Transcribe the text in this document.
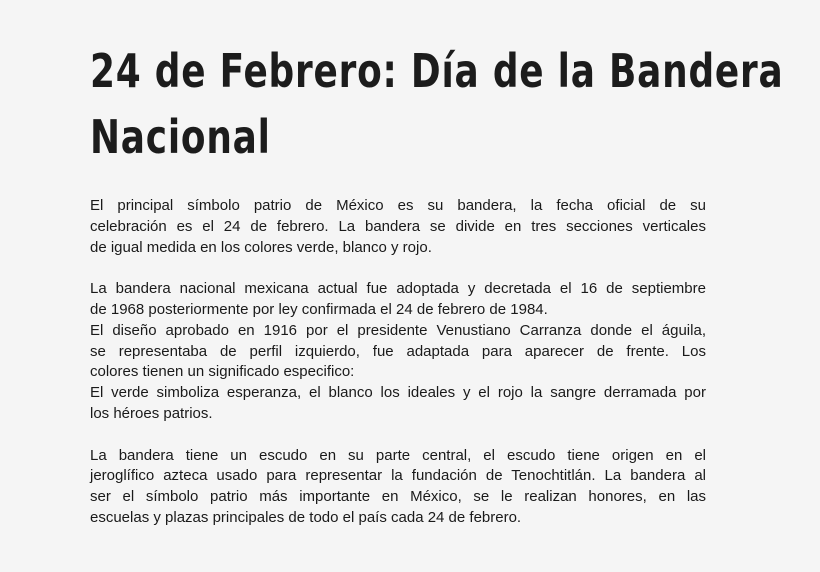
24 de Febrero: Día de la Bandera
Nacional

El principal símbolo patrio de México es su bandera, la fecha oficial de su
celebración es el 24 de febrero. La bandera se divide en tres secciones verticales
de igual medida en los colores verde, blanco y rojo.

La bandera nacional mexicana actual fue adoptada y decretada el 16 de septiembre
de 1968 posteriormente por ley confirmada el 24 de febrero de 1984.
El diseño aprobado en 1916 por el presidente Venustiano Carranza donde el águila,
se representaba de perfil izquierdo, fue adaptada para aparecer de frente. Los
colores tienen un significado especifico:
El verde simboliza esperanza, el blanco los ideales y el rojo la sangre derramada por
los héroes patrios.

La bandera tiene un escudo en su parte central, el escudo tiene origen en el
jeroglífico azteca usado para representar la fundación de Tenochtitlán. La bandera al
ser el símbolo patrio más importante en México, se le realizan honores, en las
escuelas y plazas principales de todo el país cada 24 de febrero.
